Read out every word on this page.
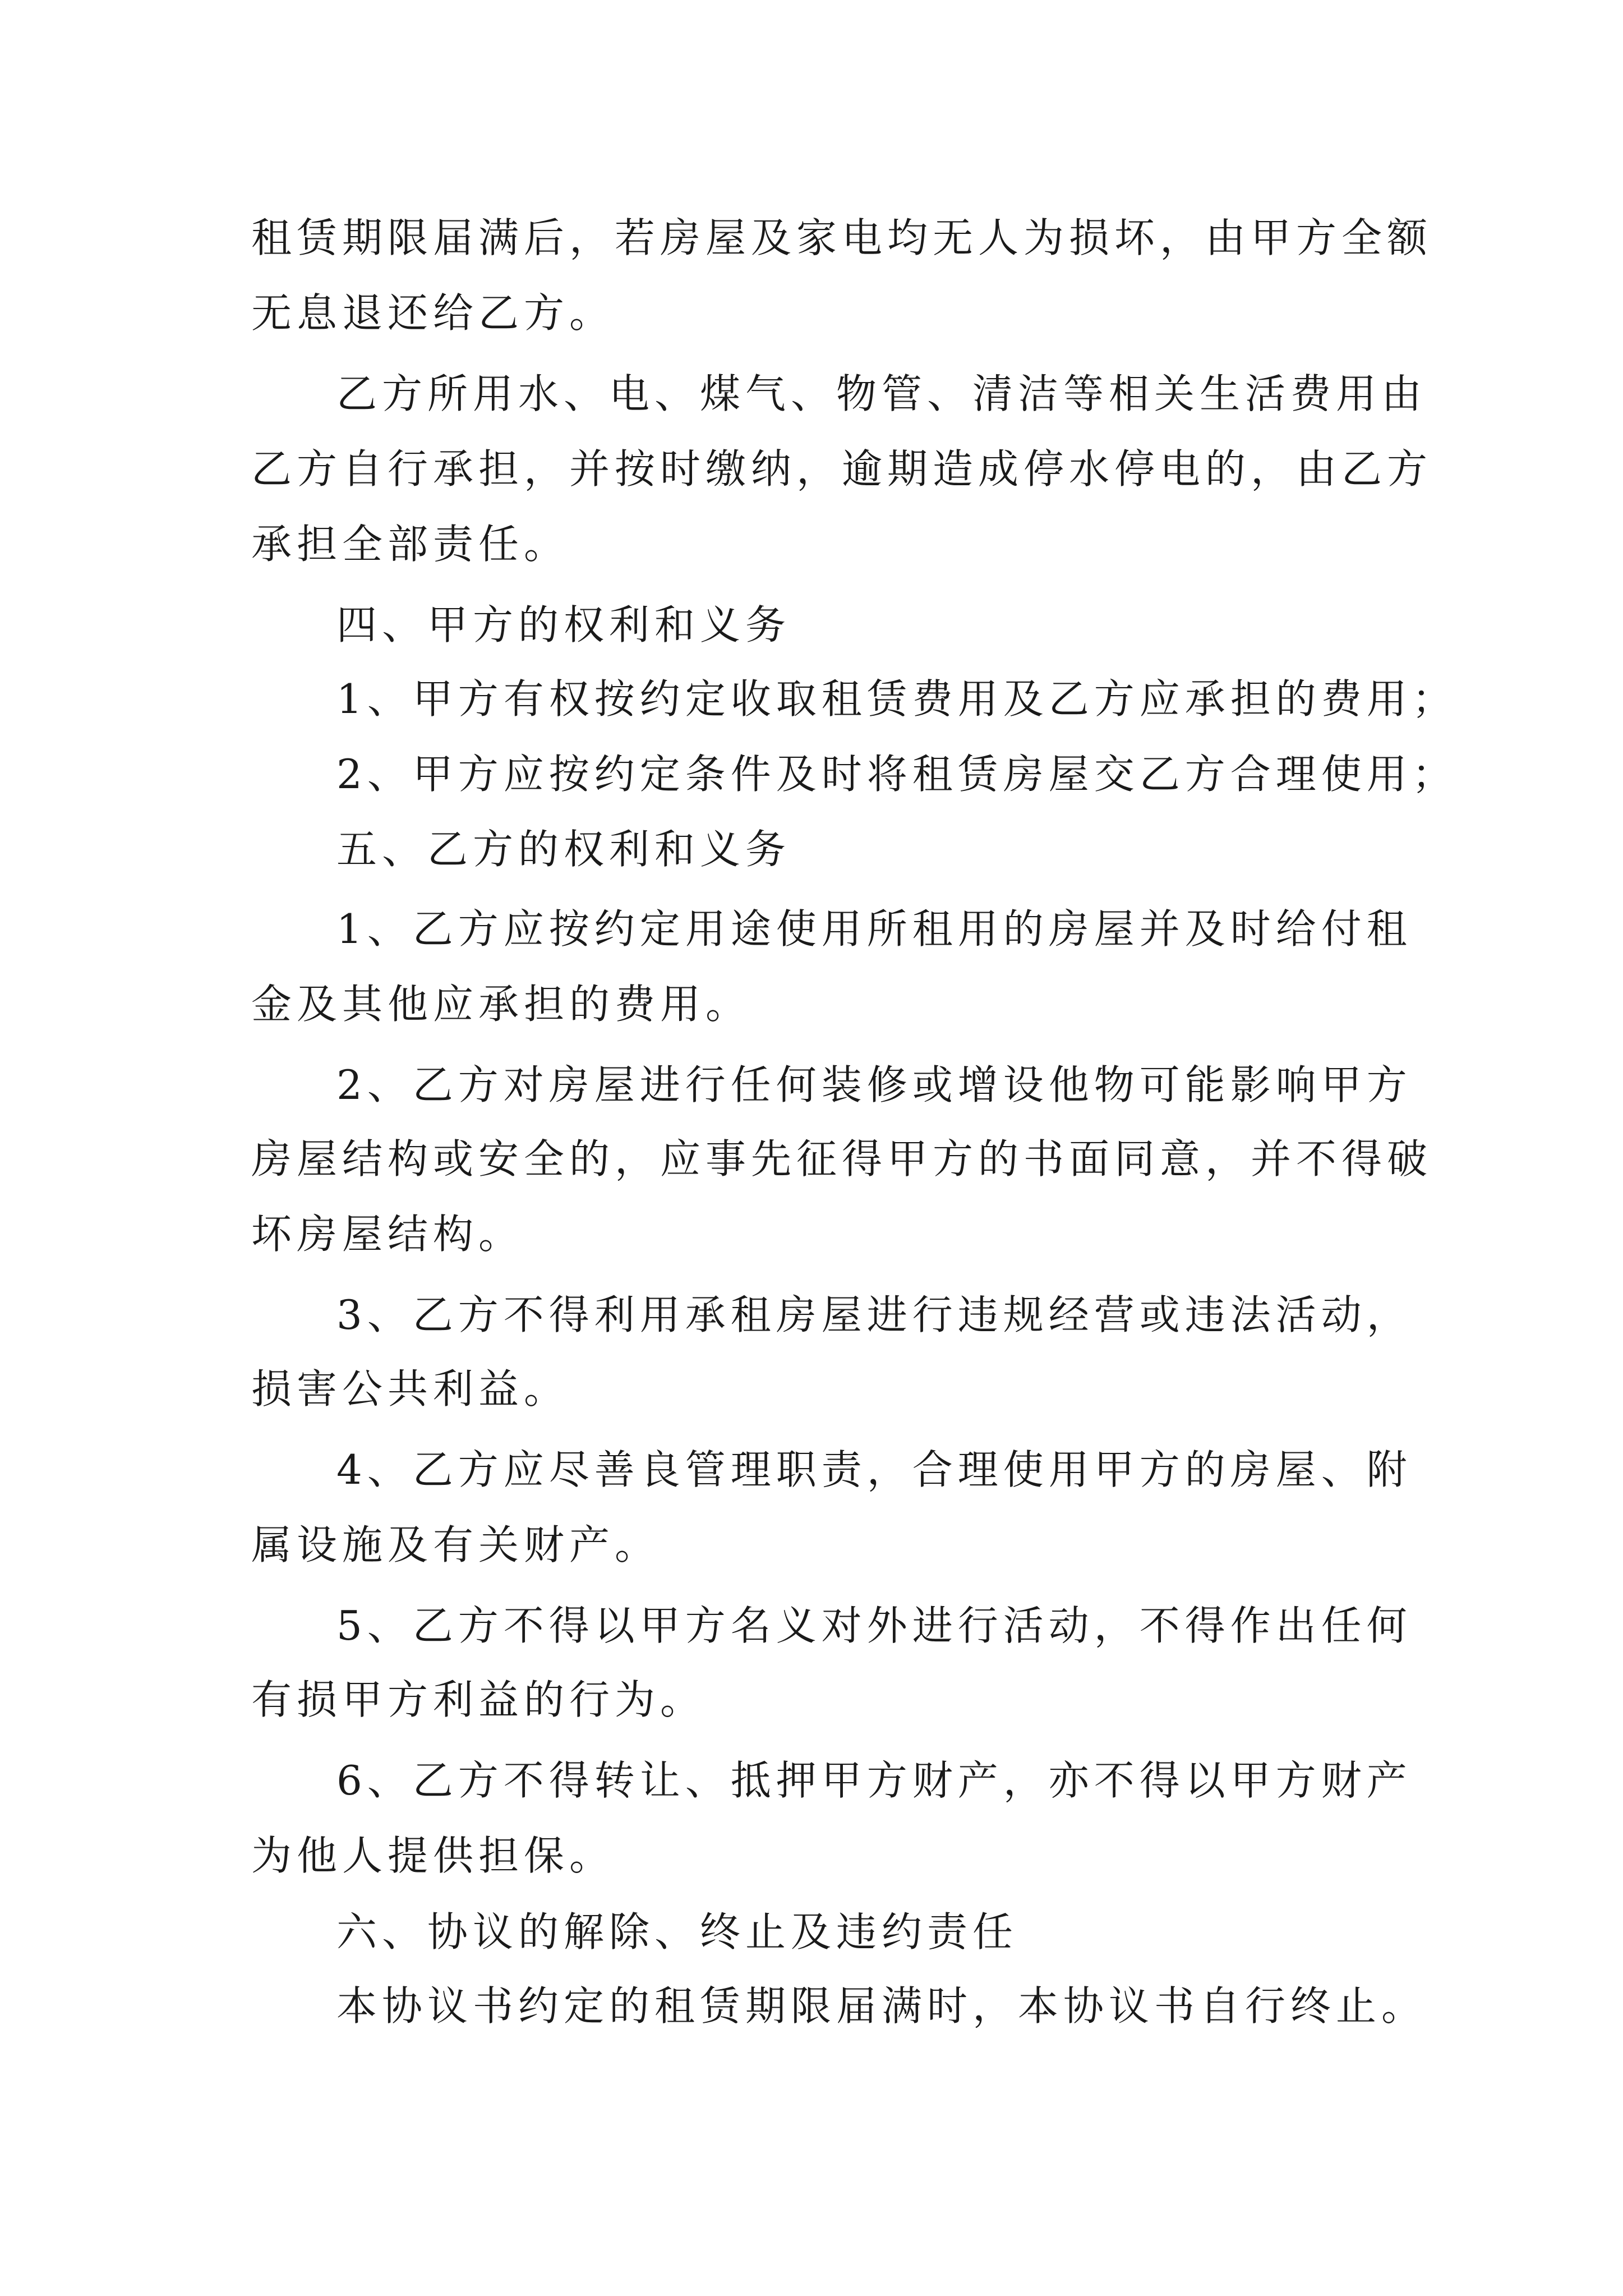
租赁期限届满后，若房屋及家电均无人为损坏，由甲方全额

无息退还给乙方。

乙方所用水、电、煤气、物管、清洁等相关生活费用由

乙方自行承担，并按时缴纳，逾期造成停水停电的，由乙方

承担全部责任。

四、甲方的权利和义务

1、甲方有权按约定收取租赁费用及乙方应承担的费用；

2、甲方应按约定条件及时将租赁房屋交乙方合理使用；

五、乙方的权利和义务

1、乙方应按约定用途使用所租用的房屋并及时给付租

金及其他应承担的费用。

2、乙方对房屋进行任何装修或增设他物可能影响甲方

房屋结构或安全的，应事先征得甲方的书面同意，并不得破

坏房屋结构。

3、乙方不得利用承租房屋进行违规经营或违法活动，

损害公共利益。

4、乙方应尽善良管理职责，合理使用甲方的房屋、附

属设施及有关财产。

5、乙方不得以甲方名义对外进行活动，不得作出任何

有损甲方利益的行为。

6、乙方不得转让、抵押甲方财产，亦不得以甲方财产

为他人提供担保。

六、协议的解除、终止及违约责任

本协议书约定的租赁期限届满时，本协议书自行终止。
